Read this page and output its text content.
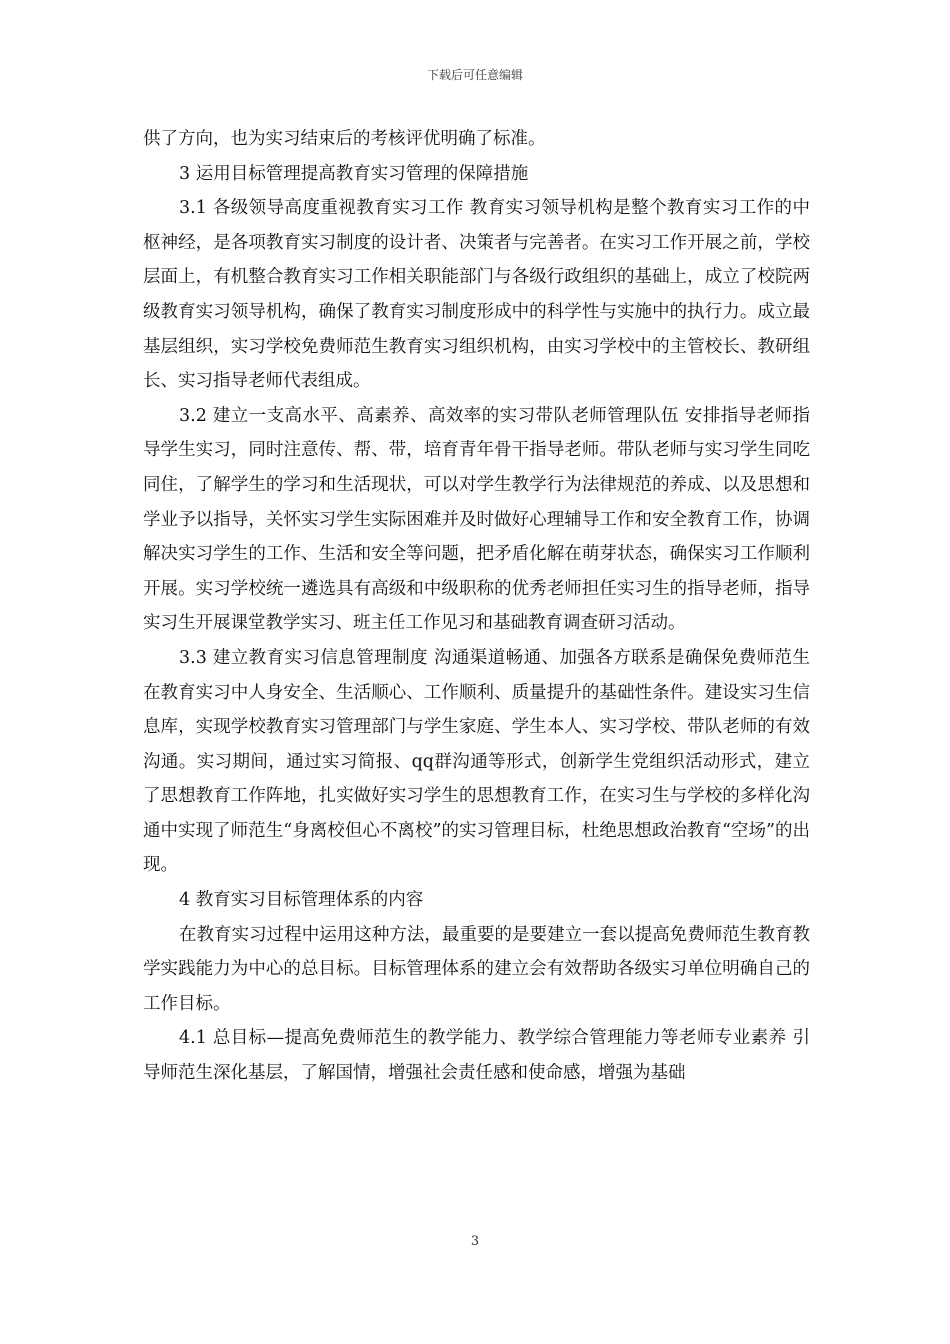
下载后可任意编辑

供了方向，也为实习结束后的考核评优明确了标准。

3 运用目标管理提高教育实习管理的保障措施

3.1 各级领导高度重视教育实习工作 教育实习领导机构是整个教育实习工作的中枢神经，是各项教育实习制度的设计者、决策者与完善者。在实习工作开展之前，学校层面上，有机整合教育实习工作相关职能部门与各级行政组织的基础上，成立了校院两级教育实习领导机构，确保了教育实习制度形成中的科学性与实施中的执行力。成立最基层组织，实习学校免费师范生教育实习组织机构，由实习学校中的主管校长、教研组长、实习指导老师代表组成。

3.2 建立一支高水平、高素养、高效率的实习带队老师管理队伍 安排指导老师指导学生实习，同时注意传、帮、带，培育青年骨干指导老师。带队老师与实习学生同吃同住，了解学生的学习和生活现状，可以对学生教学行为法律规范的养成、以及思想和学业予以指导，关怀实习学生实际困难并及时做好心理辅导工作和安全教育工作，协调解决实习学生的工作、生活和安全等问题，把矛盾化解在萌芽状态，确保实习工作顺利开展。实习学校统一遴选具有高级和中级职称的优秀老师担任实习生的指导老师，指导实习生开展课堂教学实习、班主任工作见习和基础教育调查研习活动。

3.3 建立教育实习信息管理制度 沟通渠道畅通、加强各方联系是确保免费师范生在教育实习中人身安全、生活顺心、工作顺利、质量提升的基础性条件。建设实习生信息库，实现学校教育实习管理部门与学生家庭、学生本人、实习学校、带队老师的有效沟通。实习期间，通过实习简报、qq群沟通等形式，创新学生党组织活动形式，建立了思想教育工作阵地，扎实做好实习学生的思想教育工作，在实习生与学校的多样化沟通中实现了师范生“身离校但心不离校”的实习管理目标，杜绝思想政治教育“空场”的出现。

4 教育实习目标管理体系的内容

在教育实习过程中运用这种方法，最重要的是要建立一套以提高免费师范生教育教学实践能力为中心的总目标。目标管理体系的建立会有效帮助各级实习单位明确自己的工作目标。

4.1 总目标—提高免费师范生的教学能力、教学综合管理能力等老师专业素养 引导师范生深化基层，了解国情，增强社会责任感和使命感，增强为基础

3
